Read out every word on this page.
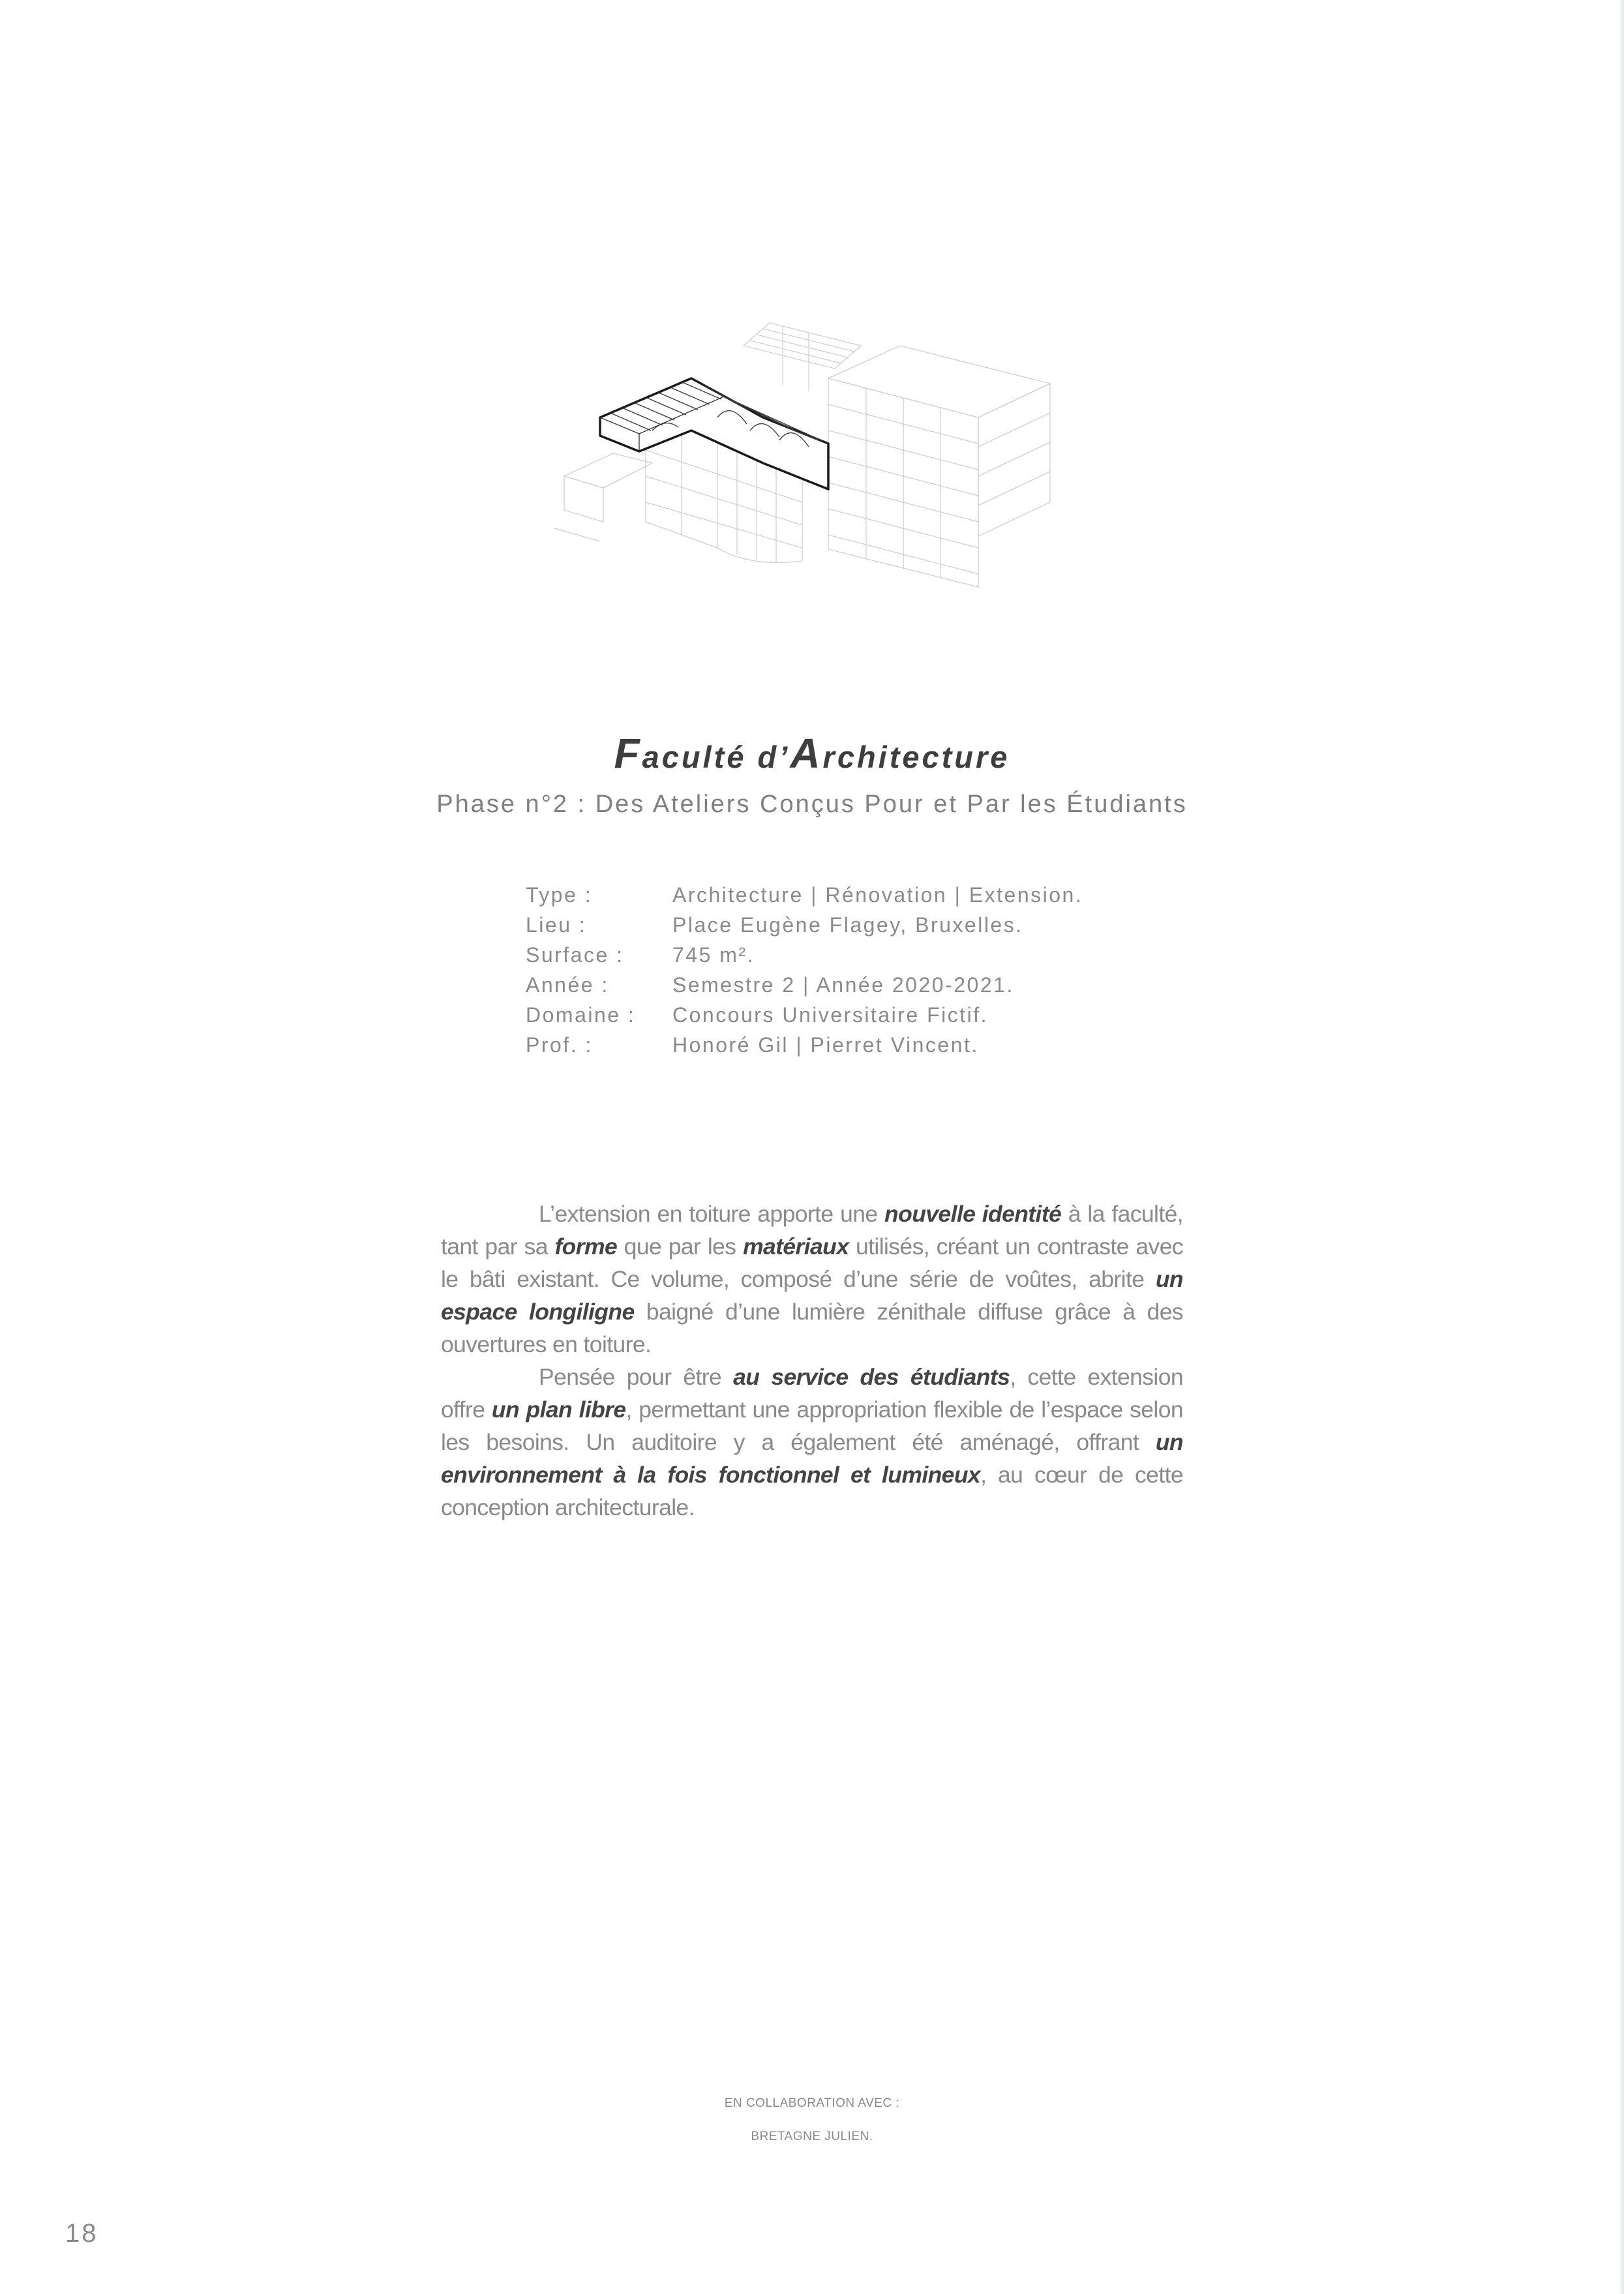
Faculté d’Architecture
Phase n°2 : Des Ateliers Conçus Pour et Par les Étudiants
Type :	Architecture | Rénovation | Extension.
Lieu :	Place Eugène Flagey, Bruxelles.
Surface : 745 m².
Année :	Semestre 2 | Année 2020-2021.
Domaine : Concours Universitaire Fictif.
Prof. :	Honoré Gil | Pierret Vincent.

L’extension en toiture apporte une nouvelle identité à la faculté, tant par sa forme que par les matériaux utilisés, créant un contraste avec le bâti existant. Ce volume, composé d’une série de voûtes, abrite un espace longiligne baigné d’une lumière zénithale diffuse grâce à des ouvertures en toiture.

Pensée pour être au service des étudiants, cette extension offre un plan libre, permettant une appropriation flexible de l’espace selon les besoins. Un auditoire y a également été aménagé, offrant un environnement à la fois fonctionnel et lumineux, au cœur de cette conception architecturale.

EN COLLABORATION AVEC :
BRETAGNE JULIEN.
18
